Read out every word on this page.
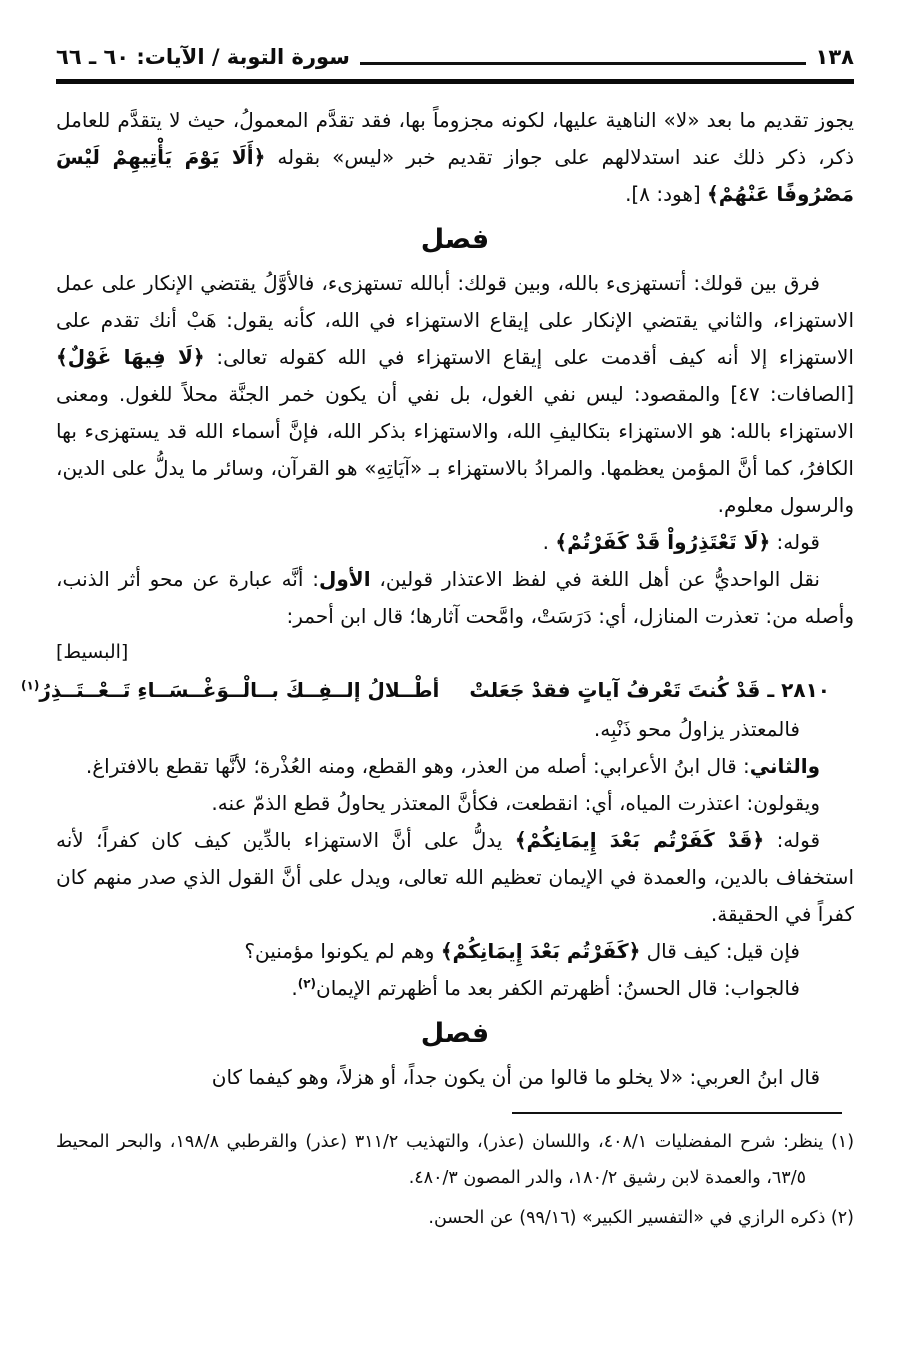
١٣٨
سورة التوبة / الآيات: ٦٠ ـ ٦٦

يجوز تقديم ما بعد «لا» الناهية عليها، لكونه مجزوماً بها، فقد تقدَّم المعمولُ، حيث لا يتقدَّم للعامل ذكر، ذكر ذلك عند استدلالهم على جواز تقديم خبر «ليس» بقوله ﴿أَلَا يَوْمَ يَأْتِيهِمْ لَيْسَ مَصْرُوفًا عَنْهُمْ﴾ [هود: ٨].

فصل

فرق بين قولك: أتستهزىء بالله، وبين قولك: أبالله تستهزىء، فالأوَّلُ يقتضي الإنكار على عمل الاستهزاء، والثاني يقتضي الإنكار على إيقاع الاستهزاء في الله، كأنه يقول: هَبْ أنك تقدم على الاستهزاء إلا أنه كيف أقدمت على إيقاع الاستهزاء في الله كقوله تعالى: ﴿لَا فِيهَا غَوْلٌ﴾ [الصافات: ٤٧] والمقصود: ليس نفي الغول، بل نفي أن يكون خمر الجنَّة محلاً للغول. ومعنى الاستهزاء بالله: هو الاستهزاء بتكاليفِ الله، والاستهزاء بذكر الله، فإنَّ أسماء الله قد يستهزىء بها الكافرُ، كما أنَّ المؤمن يعظمها. والمرادُ بالاستهزاء بـ «آيَاتِهِ» هو القرآن، وسائر ما يدلُّ على الدين، والرسول معلوم.

قوله: ﴿لَا تَعْتَذِرُواْ قَدْ كَفَرْتُمْ﴾ .

نقل الواحديُّ عن أهل اللغة في لفظ الاعتذار قولين، الأول: أنَّه عبارة عن محو أثر الذنب، وأصله من: تعذرت المنازل، أي: دَرَسَتْ، وامَّحت آثارها؛ قال ابن أحمر:

[البسيط]

٢٨١٠ ـ قَدْ كُنتَ تَعْرفُ آياتٍ فقدْ جَعَلتْ
أطْــلالُ إلــفِــكَ بــالْــوَغْــسَــاءِ تَــعْــتَــذِرُ$^{(١)}$

فالمعتذر يزاولُ محو ذَنْبِه.

والثاني: قال ابنُ الأعرابي: أصله من العذر، وهو القطع، ومنه العُذْرة؛ لأنَّها تقطع بالافتراغ.

ويقولون: اعتذرت المياه، أي: انقطعت، فكأنَّ المعتذر يحاولُ قطع الذمّ عنه.

قوله: ﴿قَدْ كَفَرْتُم بَعْدَ إِيمَانِكُمْ﴾ يدلُّ على أنَّ الاستهزاء بالدِّين كيف كان كفراً؛ لأنه استخفاف بالدين، والعمدة في الإيمان تعظيم الله تعالى، ويدل على أنَّ القول الذي صدر منهم كان كفراً في الحقيقة.

فإن قيل: كيف قال ﴿كَفَرْتُم بَعْدَ إِيمَانِكُمْ﴾ وهم لم يكونوا مؤمنين؟

فالجواب: قال الحسنُ: أظهرتم الكفر بعد ما أظهرتم الإيمان$^{(٢)}$.

فصل

قال ابنُ العربي: «لا يخلو ما قالوا من أن يكون جداً، أو هزلاً، وهو كيفما كان

(١) ينظر: شرح المفضليات ٤٠٨/١، واللسان (عذر)، والتهذيب ٣١١/٢ (عذر) والقرطبي ١٩٨/٨، والبحر المحيط ٦٣/٥، والعمدة لابن رشيق ١٨٠/٢، والدر المصون ٤٨٠/٣.

(٢) ذكره الرازي في «التفسير الكبير» (٩٩/١٦) عن الحسن.
